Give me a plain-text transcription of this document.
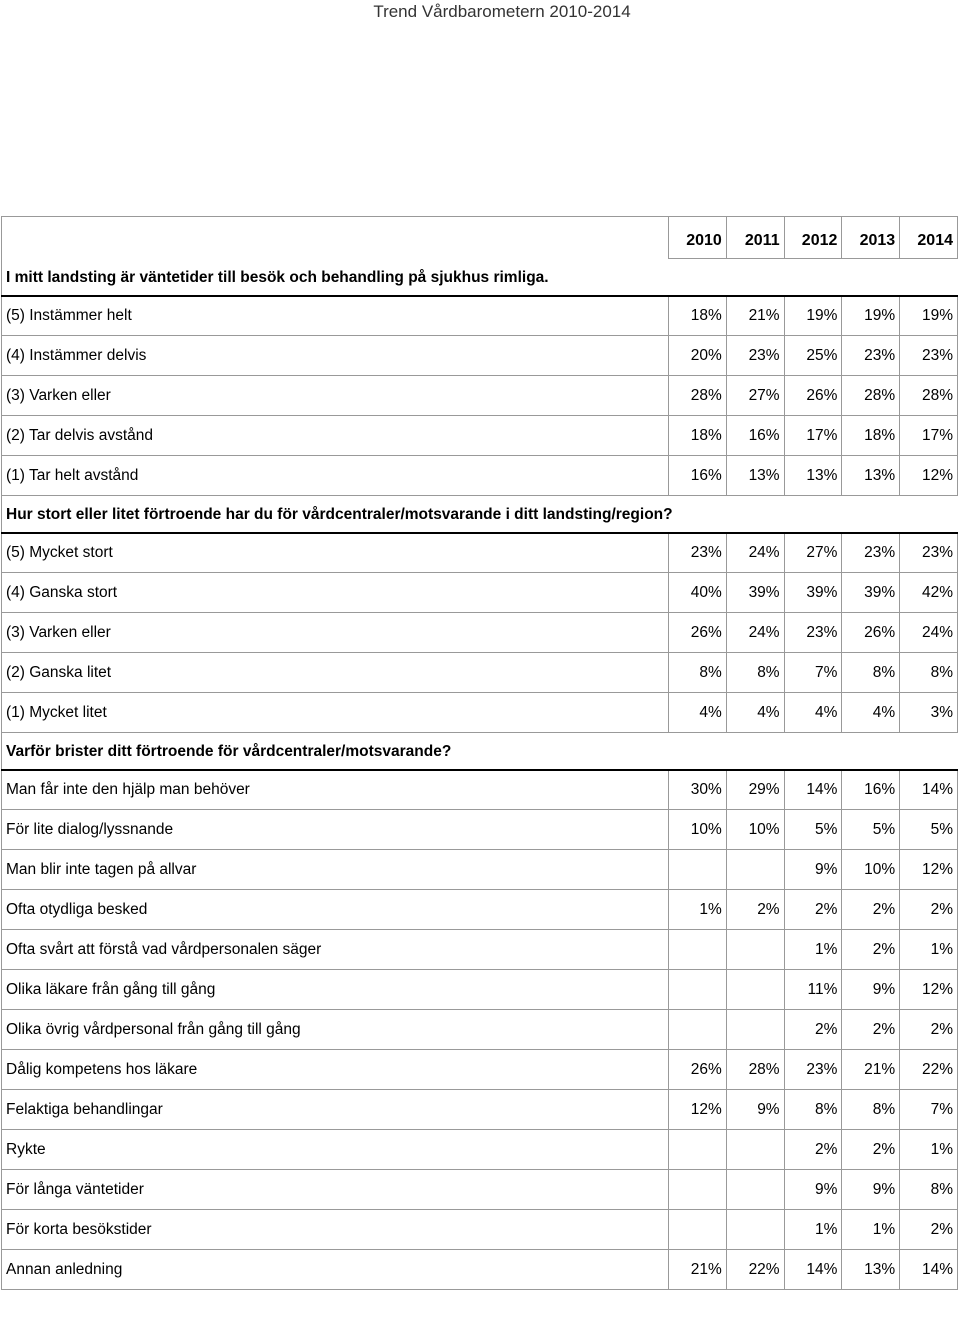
Trend Vårdbarometern 2010-2014
	2010	2011	2012	2013	2014
I mitt landsting är väntetider till besök och behandling på sjukhus rimliga.					
(5) Instämmer helt	18%	21%	19%	19%	19%
(4) Instämmer delvis	20%	23%	25%	23%	23%
(3) Varken eller	28%	27%	26%	28%	28%
(2) Tar delvis avstånd	18%	16%	17%	18%	17%
(1) Tar helt avstånd	16%	13%	13%	13%	12%
Hur stort eller litet förtroende har du för vårdcentraler/motsvarande i ditt landsting/region?					
(5) Mycket stort	23%	24%	27%	23%	23%
(4) Ganska stort	40%	39%	39%	39%	42%
(3) Varken eller	26%	24%	23%	26%	24%
(2) Ganska litet	8%	8%	7%	8%	8%
(1) Mycket litet	4%	4%	4%	4%	3%
Varför brister ditt förtroende för vårdcentraler/motsvarande?					
Man får inte den hjälp man behöver	30%	29%	14%	16%	14%
För lite dialog/lyssnande	10%	10%	5%	5%	5%
Man blir inte tagen på allvar			9%	10%	12%
Ofta otydliga besked	1%	2%	2%	2%	2%
Ofta svårt att förstå vad vårdpersonalen säger			1%	2%	1%
Olika läkare från gång till gång			11%	9%	12%
Olika övrig vårdpersonal från gång till gång			2%	2%	2%
Dålig kompetens hos läkare	26%	28%	23%	21%	22%
Felaktiga behandlingar	12%	9%	8%	8%	7%
Rykte			2%	2%	1%
För långa väntetider			9%	9%	8%
För korta besökstider			1%	1%	2%
Annan anledning	21%	22%	14%	13%	14%
